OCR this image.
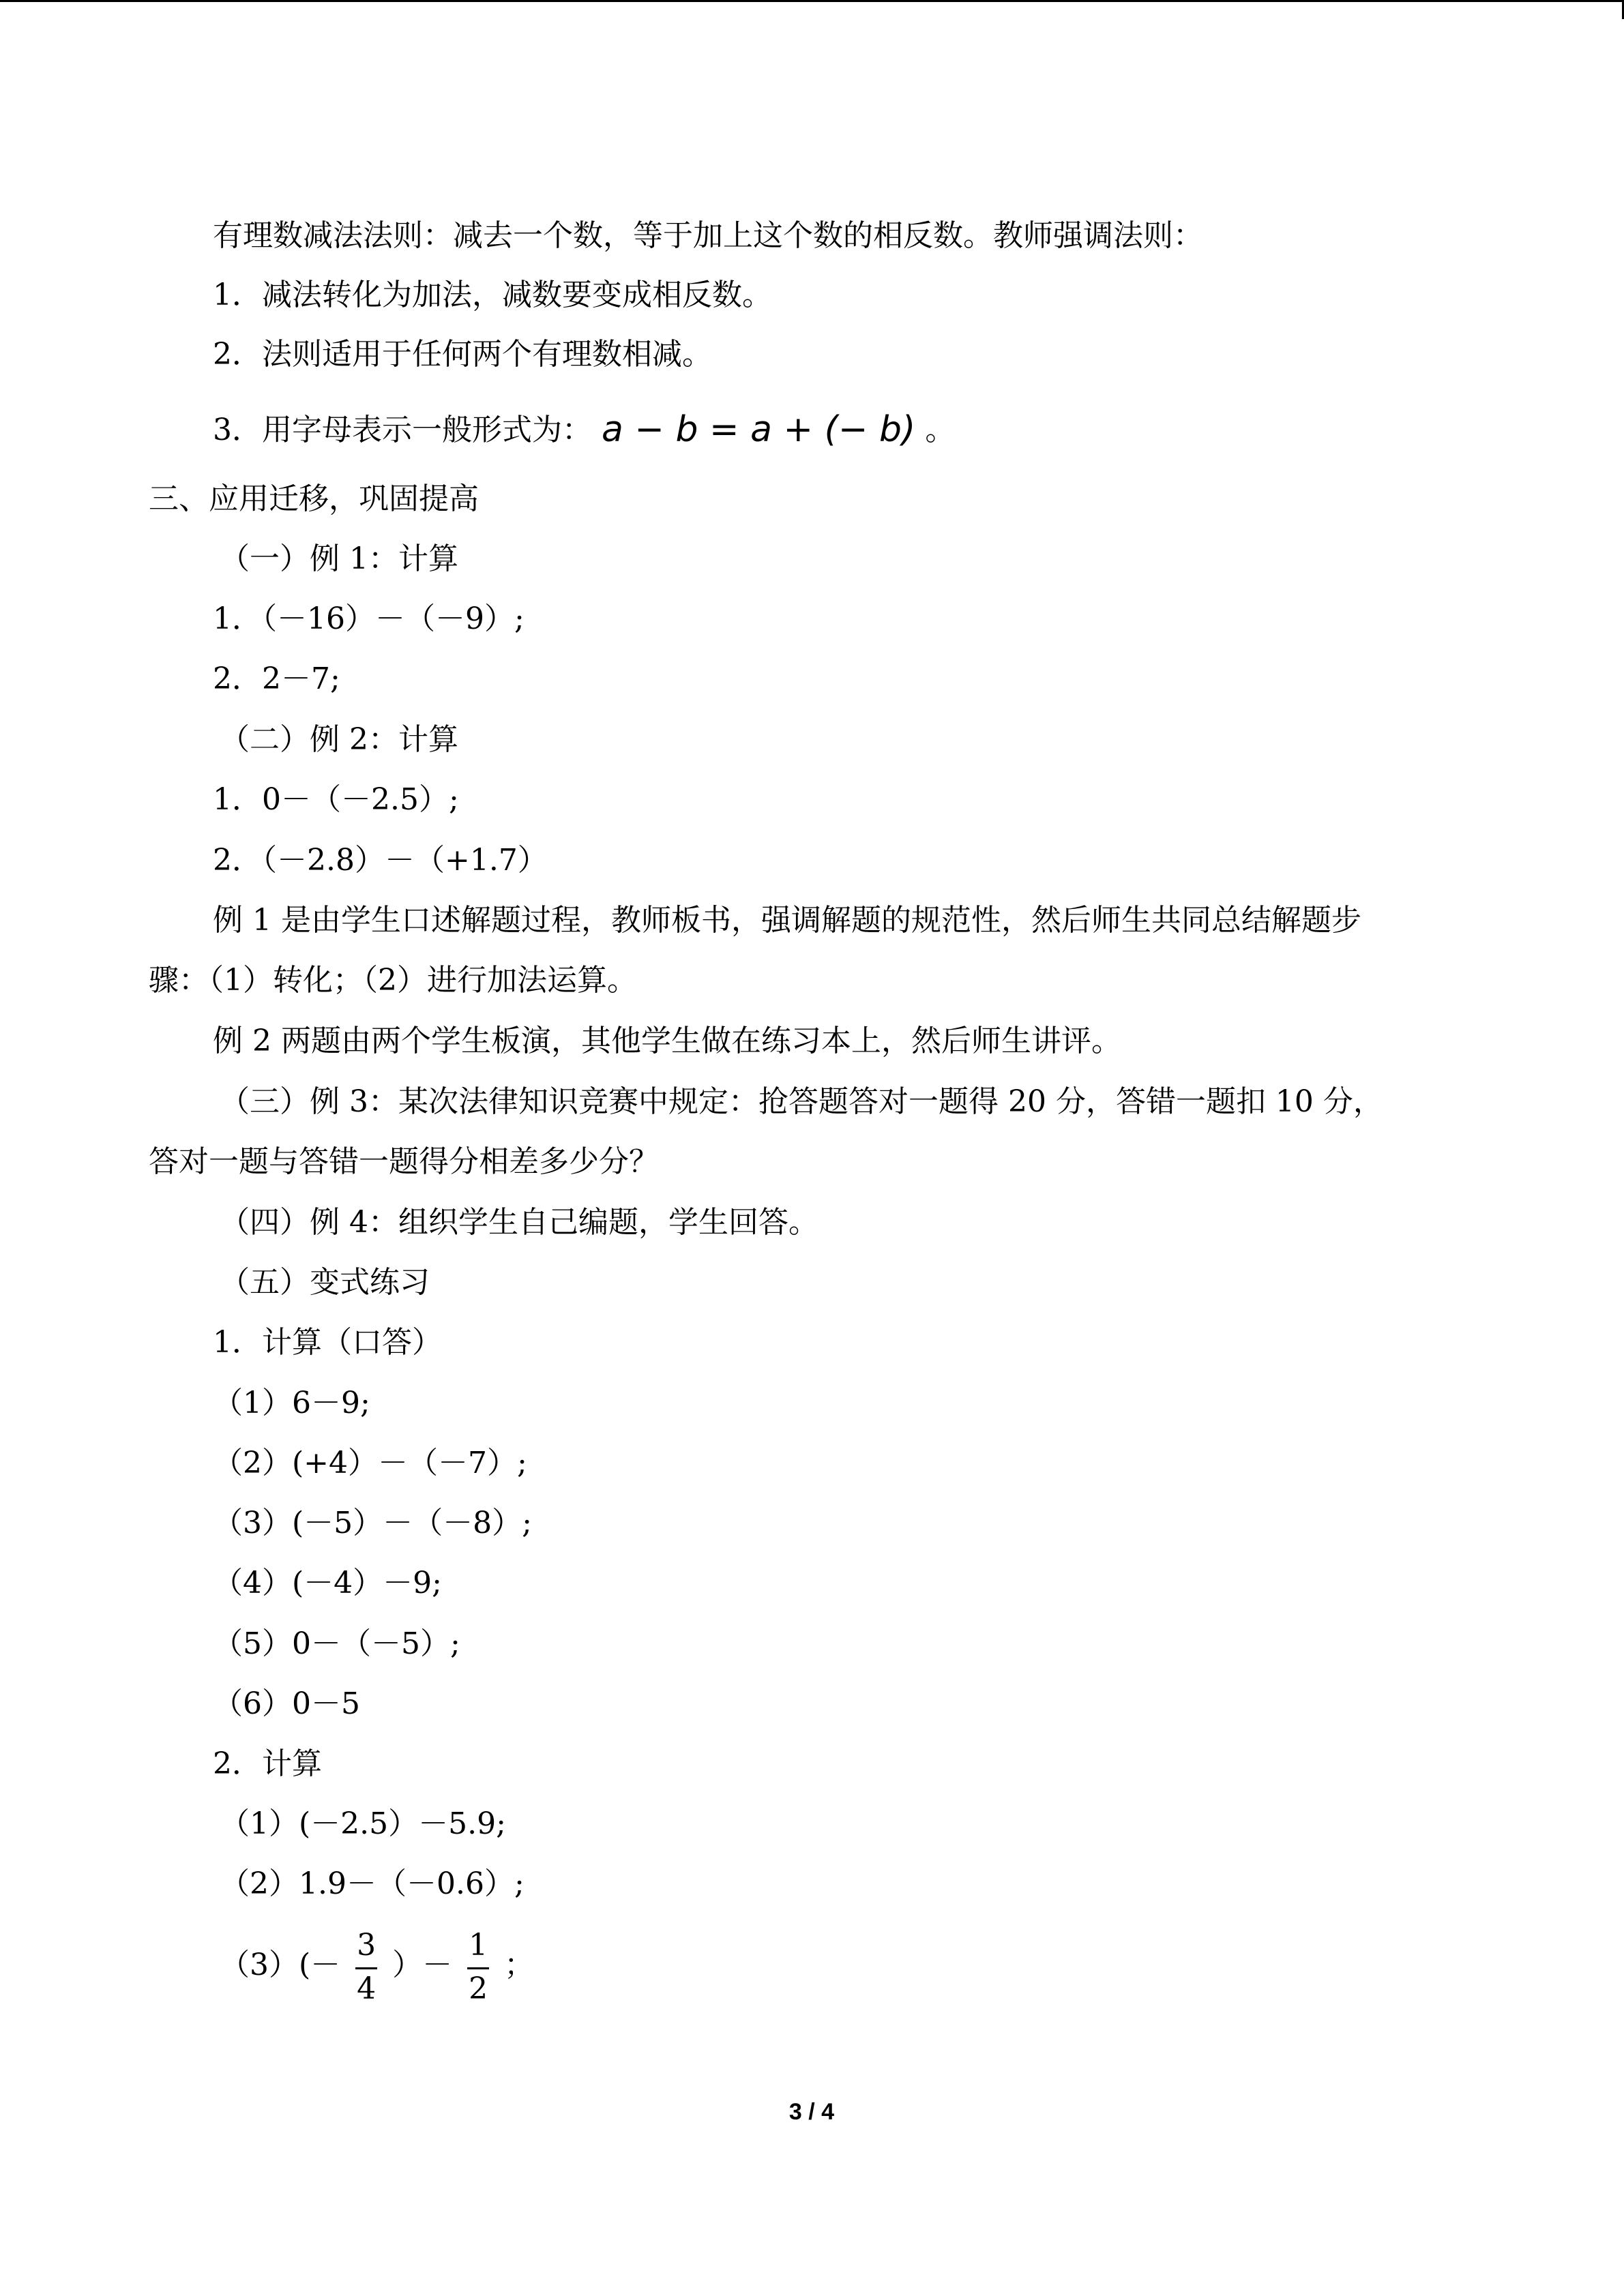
有理数减法法则：减去一个数，等于加上这个数的相反数。教师强调法则：
1．减法转化为加法，减数要变成相反数。
2．法则适用于任何两个有理数相减。
3．用字母表示一般形式为： a − b = a + (− b) 。
三、应用迁移，巩固提高
（一）例 1：计算
1．（－16）－（－9）;
2．2－7;
（二）例 2：计算
1．0－（－2.5）;
2．（－2.8）－（+1.7）
例 1 是由学生口述解题过程，教师板书，强调解题的规范性，然后师生共同总结解题步
骤：（1）转化；（2）进行加法运算。
例 2 两题由两个学生板演，其他学生做在练习本上，然后师生讲评。
（三）例 3：某次法律知识竞赛中规定：抢答题答对一题得 20 分，答错一题扣 10 分，
答对一题与答错一题得分相差多少分？
（四）例 4：组织学生自己编题，学生回答。
（五）变式练习
1．计算（口答）
（1）6－9;
（2）(+4）－（－7）;
（3）(－5）－（－8）;
（4）(－4）－9;
（5）0－（－5）;
（6）0－5
2．计算
（1）(－2.5）－5.9;
（2）1.9－（－0.6）;
$(3)(- \frac{3}{4}$ ）－ $\frac{1}{2}$ ；
3 / 4
